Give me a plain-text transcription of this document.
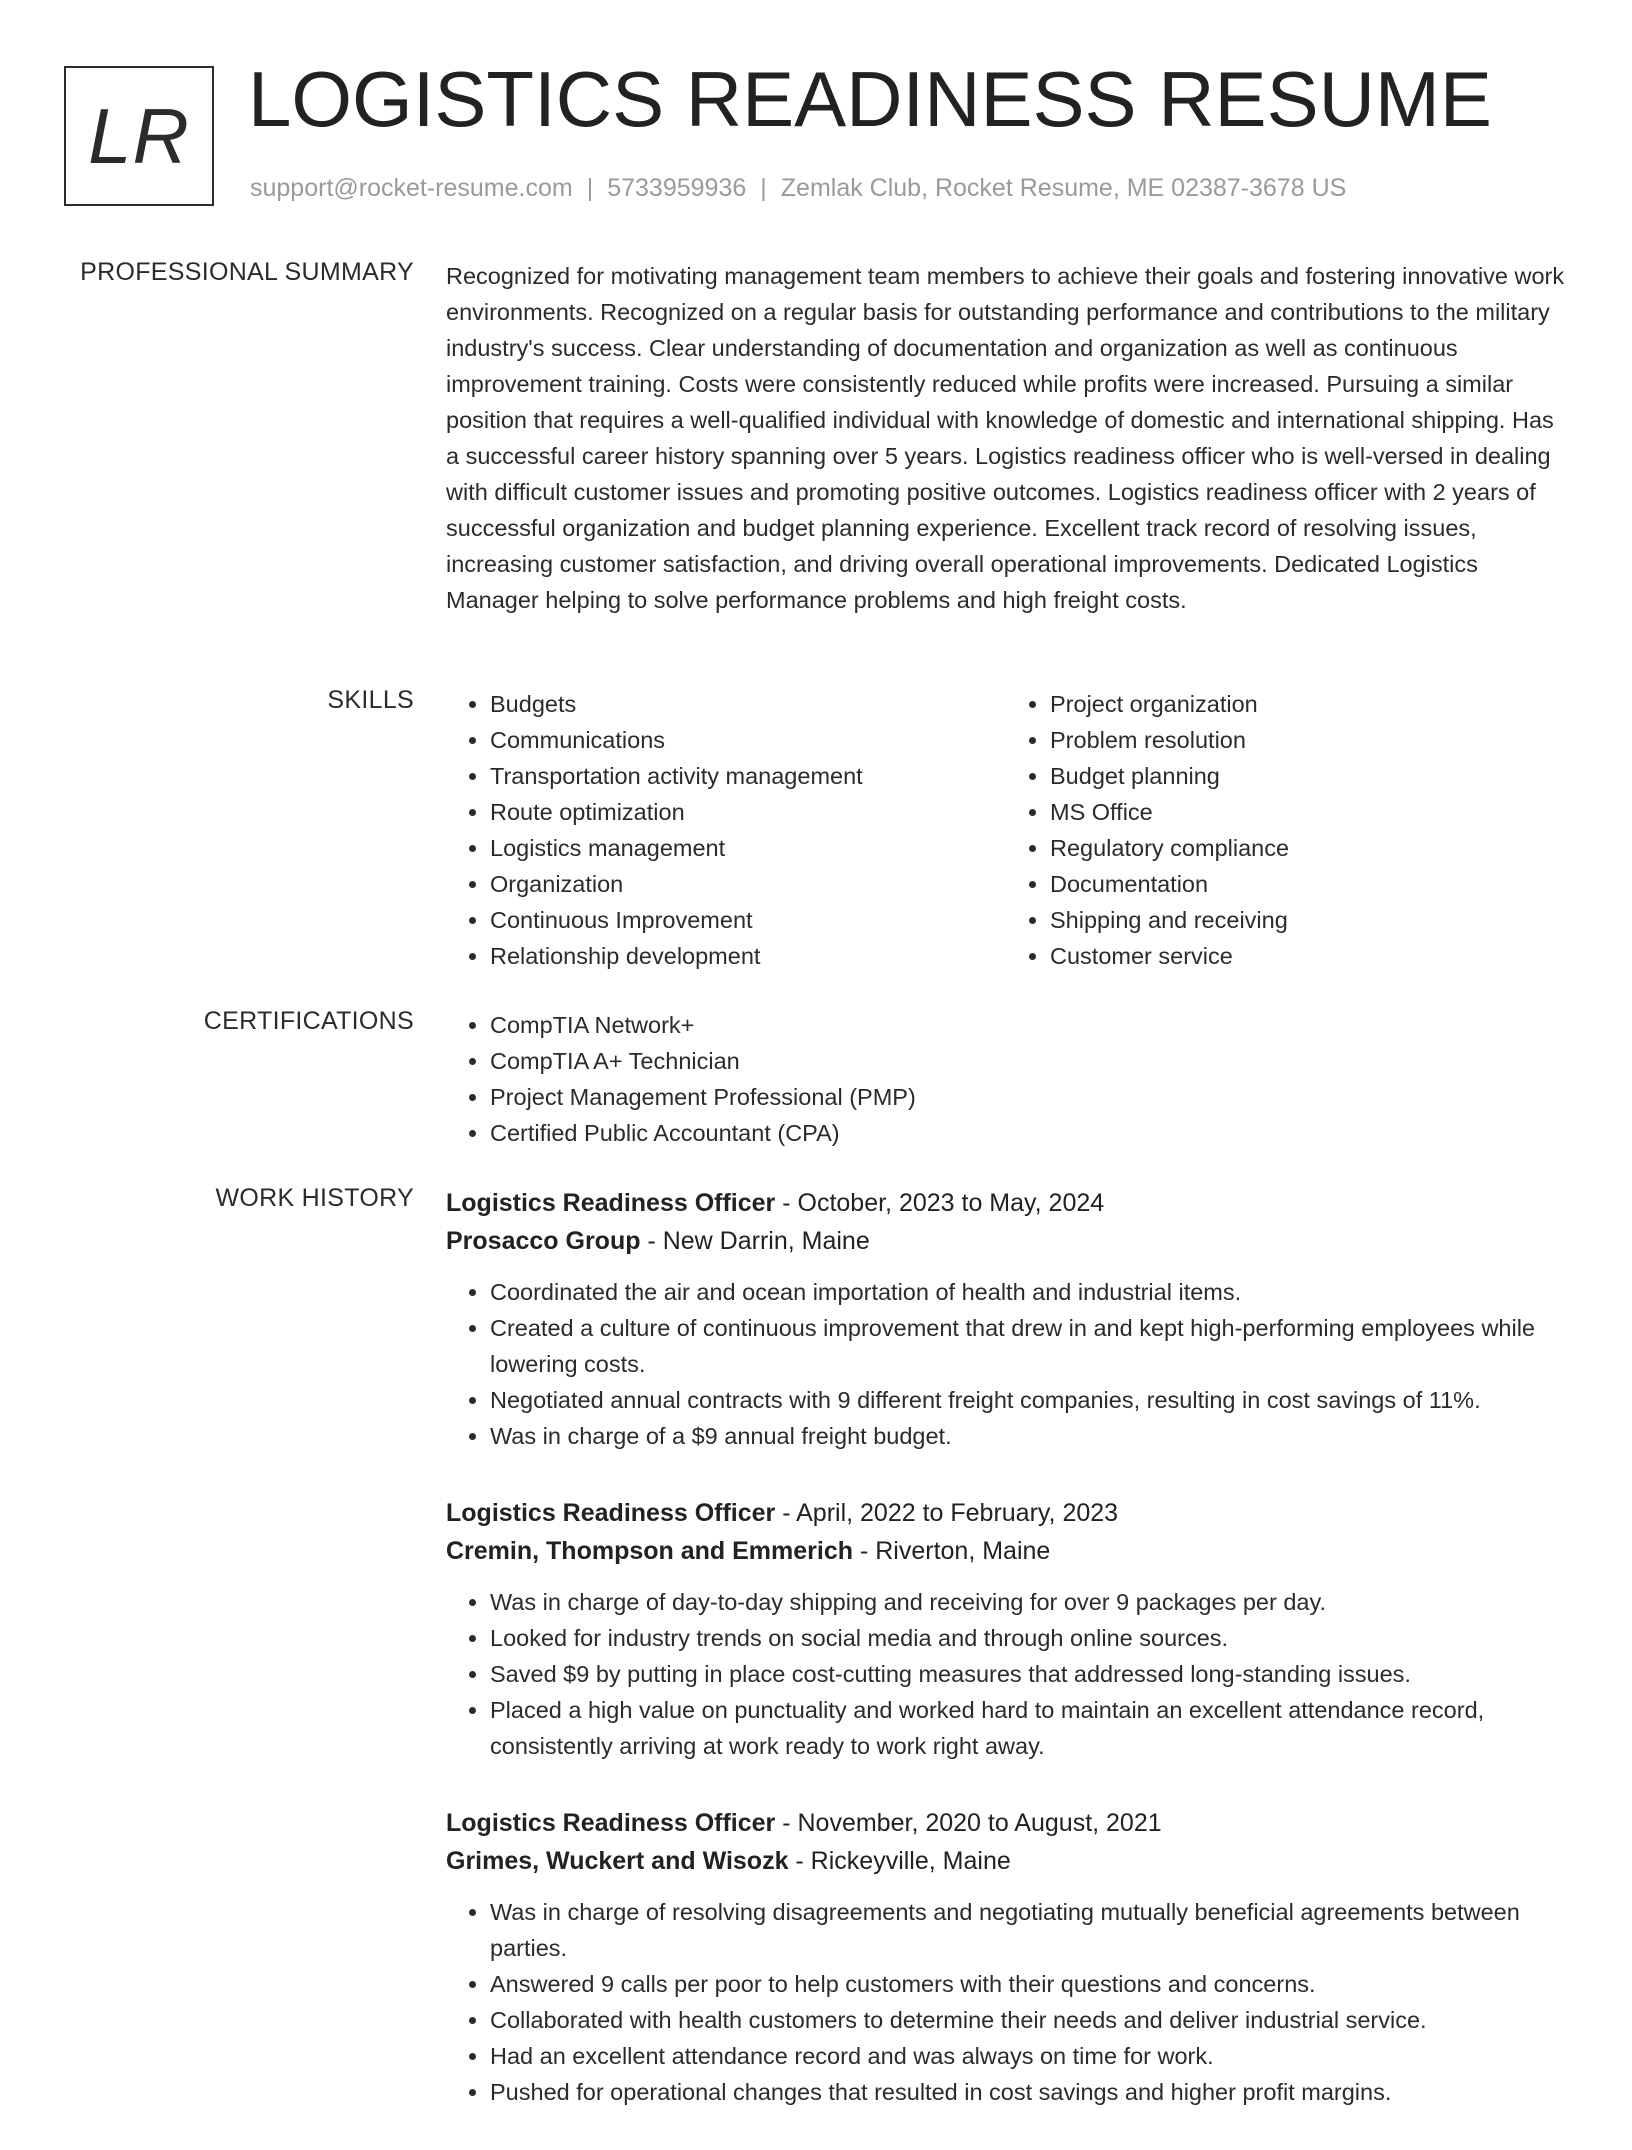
LR LOGISTICS READINESS RESUME
support@rocket-resume.com | 5733959936 | Zemlak Club, Rocket Resume, ME 02387-3678 US
PROFESSIONAL SUMMARY Recognized for motivating management team members to achieve their goals and fostering innovative work environments. Recognized on a regular basis for outstanding performance and contributions to the military industry's success. Clear understanding of documentation and organization as well as continuous improvement training. Costs were consistently reduced while profits were increased. Pursuing a similar position that requires a well-qualified individual with knowledge of domestic and international shipping. Has a successful career history spanning over 5 years. Logistics readiness officer who is well-versed in dealing with difficult customer issues and promoting positive outcomes. Logistics readiness officer with 2 years of successful organization and budget planning experience. Excellent track record of resolving issues, increasing customer satisfaction, and driving overall operational improvements. Dedicated Logistics Manager helping to solve performance problems and high freight costs.

SKILLS	• Budgets
• Communications
• Transportation activity management
• Route optimization
• Logistics management
• Organization
• Continuous Improvement
• Relationship development
• Project organization
• Problem resolution
• Budget planning
• MS Office
• Regulatory compliance
• Documentation
• Shipping and receiving
• Customer service
CERTIFICATIONS	• CompTIA Network+
• CompTIA A+ Technician
• Project Management Professional (PMP)
• Certified Public Accountant (CPA)
WORK HISTORY Logistics Readiness Officer - October, 2023 to May, 2024
Prosacco Group - New Darrin, Maine
• Coordinated the air and ocean importation of health and industrial items.
• Created a culture of continuous improvement that drew in and kept high-performing employees while lowering costs.
• Negotiated annual contracts with 9 different freight companies, resulting in cost savings of 11%.
• Was in charge of a $9 annual freight budget.
Logistics Readiness Officer - April, 2022 to February, 2023
Cremin, Thompson and Emmerich - Riverton, Maine
• Was in charge of day-to-day shipping and receiving for over 9 packages per day.
• Looked for industry trends on social media and through online sources.
• Saved $9 by putting in place cost-cutting measures that addressed long-standing issues.
• Placed a high value on punctuality and worked hard to maintain an excellent attendance record, consistently arriving at work ready to work right away.
Logistics Readiness Officer - November, 2020 to August, 2021
Grimes, Wuckert and Wisozk - Rickeyville, Maine
• Was in charge of resolving disagreements and negotiating mutually beneficial agreements between parties.
• Answered 9 calls per poor to help customers with their questions and concerns.
• Collaborated with health customers to determine their needs and deliver industrial service.
• Had an excellent attendance record and was always on time for work.
• Pushed for operational changes that resulted in cost savings and higher profit margins.
